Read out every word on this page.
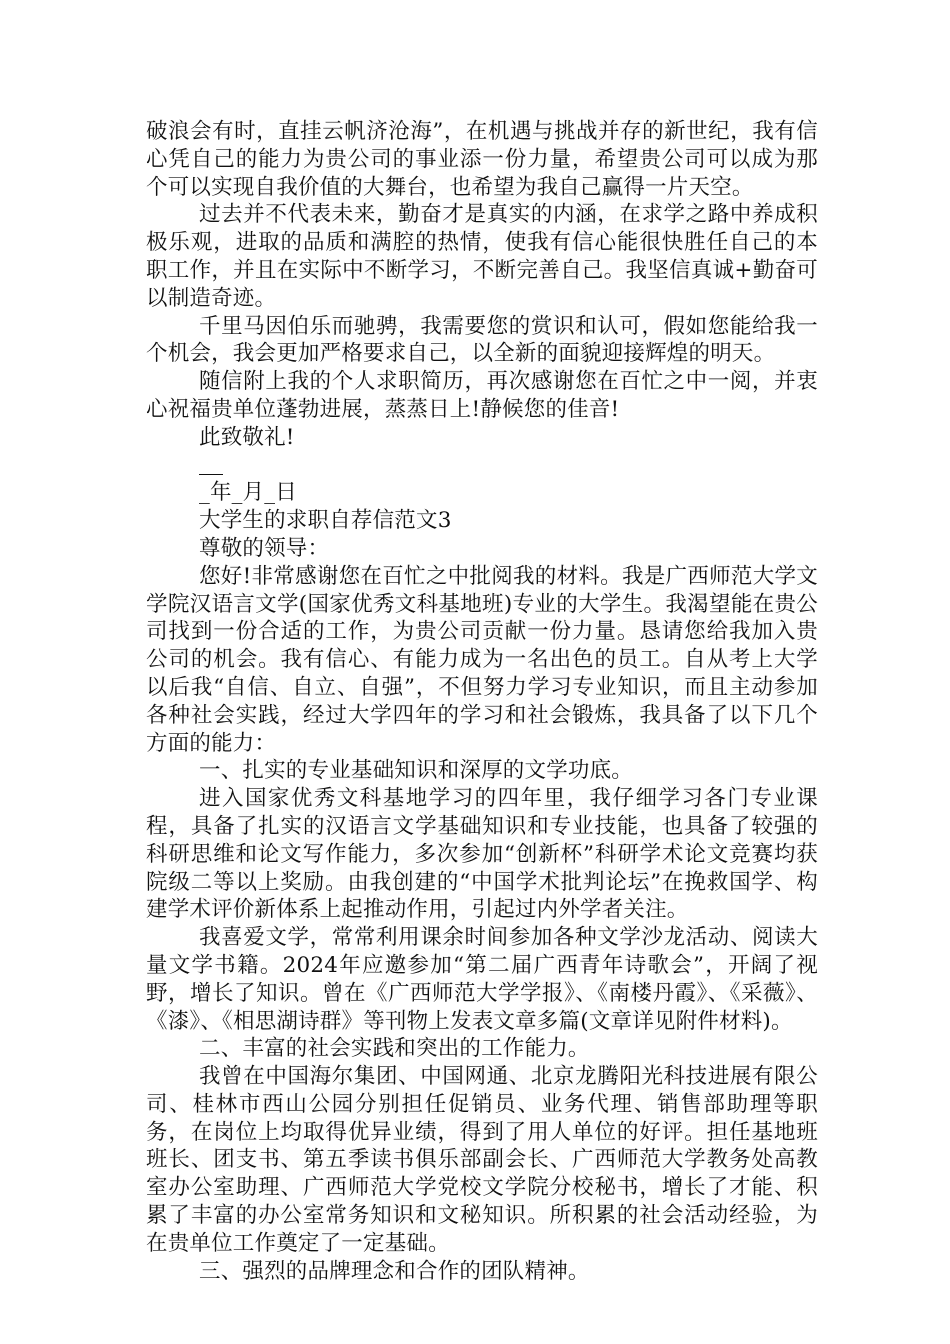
破浪会有时，直挂云帆济沧海”，在机遇与挑战并存的新世纪，我有信心凭自己的能力为贵公司的事业添一份力量，希望贵公司可以成为那个可以实现自我价值的大舞台，也希望为我自己赢得一片天空。

过去并不代表未来，勤奋才是真实的内涵，在求学之路中养成积极乐观，进取的品质和满腔的热情，使我有信心能很快胜任自己的本职工作，并且在实际中不断学习，不断完善自己。我坚信真诚+勤奋可以制造奇迹。

千里马因伯乐而驰骋，我需要您的赏识和认可，假如您能给我一个机会，我会更加严格要求自己，以全新的面貌迎接辉煌的明天。

随信附上我的个人求职简历，再次感谢您在百忙之中一阅，并衷心祝福贵单位蓬勃进展，蒸蒸日上!静候您的佳音!

此致敬礼!

_年_月_日

大学生的求职自荐信范文3

尊敬的领导：

您好!非常感谢您在百忙之中批阅我的材料。我是广西师范大学文学院汉语言文学(国家优秀文科基地班)专业的大学生。我渴望能在贵公司找到一份合适的工作，为贵公司贡献一份力量。恳请您给我加入贵公司的机会。我有信心、有能力成为一名出色的员工。自从考上大学以后我“自信、自立、自强”，不但努力学习专业知识，而且主动参加各种社会实践，经过大学四年的学习和社会锻炼，我具备了以下几个方面的能力：

一、扎实的专业基础知识和深厚的文学功底。

进入国家优秀文科基地学习的四年里，我仔细学习各门专业课程，具备了扎实的汉语言文学基础知识和专业技能，也具备了较强的科研思维和论文写作能力，多次参加“创新杯”科研学术论文竞赛均获院级二等以上奖励。由我创建的“中国学术批判论坛”在挽救国学、构建学术评价新体系上起推动作用，引起过内外学者关注。

我喜爱文学，常常利用课余时间参加各种文学沙龙活动、阅读大量文学书籍。2024年应邀参加“第二届广西青年诗歌会”，开阔了视野，增长了知识。曾在《广西师范大学学报》、《南楼丹霞》、《采薇》、《漆》、《相思湖诗群》等刊物上发表文章多篇(文章详见附件材料)。

二、丰富的社会实践和突出的工作能力。

我曾在中国海尔集团、中国网通、北京龙腾阳光科技进展有限公司、桂林市西山公园分别担任促销员、业务代理、销售部助理等职务，在岗位上均取得优异业绩，得到了用人单位的好评。担任基地班班长、团支书、第五季读书俱乐部副会长、广西师范大学教务处高教室办公室助理、广西师范大学党校文学院分校秘书，增长了才能、积累了丰富的办公室常务知识和文秘知识。所积累的社会活动经验，为在贵单位工作奠定了一定基础。

三、强烈的品牌理念和合作的团队精神。
